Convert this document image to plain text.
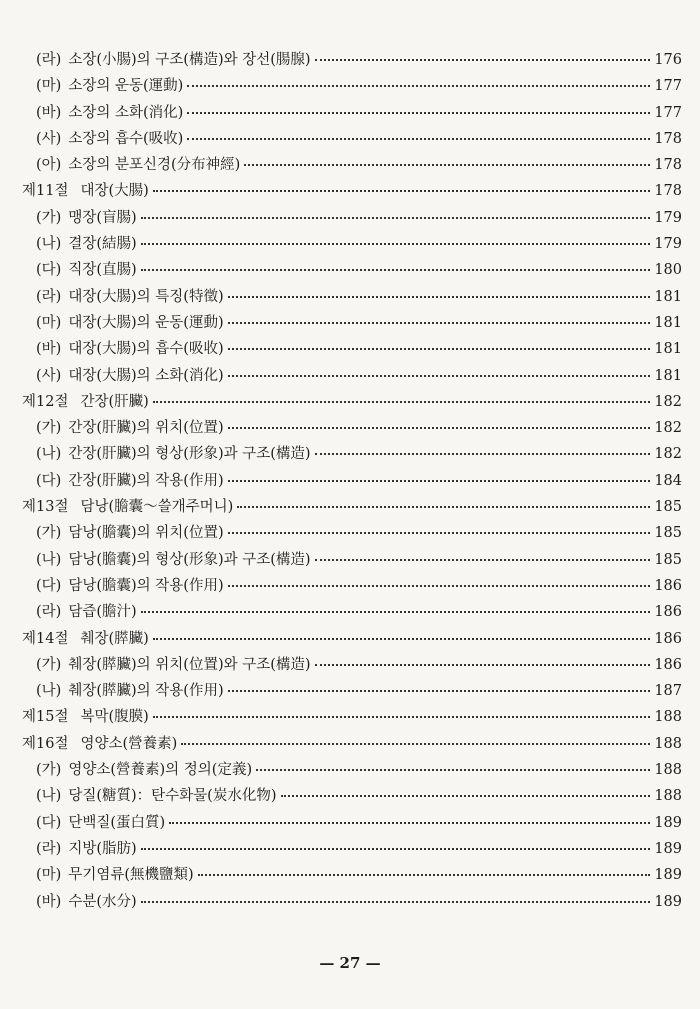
(라) 소장(小腸)의 구조(構造)와 장선(腸腺)	176
(마) 소장의 운동(運動)	177
(바) 소장의 소화(消化)	177
(사) 소장의 흡수(吸收)	178
(아) 소장의 분포신경(分布神經)	178
제11절 대장(大腸)	178
(가) 맹장(盲腸)	179
(나) 결장(結腸)	179
(다) 직장(直腸)	180
(라) 대장(大腸)의 특징(特徵)	181
(마) 대장(大腸)의 운동(運動)	181
(바) 대장(大腸)의 흡수(吸收)	181
(사) 대장(大腸)의 소화(消化)	181
제12절 간장(肝臟)	182
(가) 간장(肝臟)의 위치(位置)	182
(나) 간장(肝臟)의 형상(形象)과 구조(構造)	182
(다) 간장(肝臟)의 작용(作用)	184
제13절 담낭(膽囊～쓸개주머니)	185
(가) 담낭(膽囊)의 위치(位置)	185
(나) 담낭(膽囊)의 형상(形象)과 구조(構造)	185
(다) 담낭(膽囊)의 작용(作用)	186
(라) 담즙(膽汁)	186
제14절 췌장(膵臟)	186
(가) 췌장(膵臟)의 위치(位置)와 구조(構造)	186
(나) 췌장(膵臟)의 작용(作用)	187
제15절 복막(腹膜)	188
제16절 영양소(營養素)	188
(가) 영양소(營養素)의 정의(定義)	188
(나) 당질(糖質)：탄수화물(炭水化物)	188
(다) 단백질(蛋白質)	189
(라) 지방(脂肪)	189
(마) 무기염류(無機鹽類)	189
(바) 수분(水分)	189
— 27 —
